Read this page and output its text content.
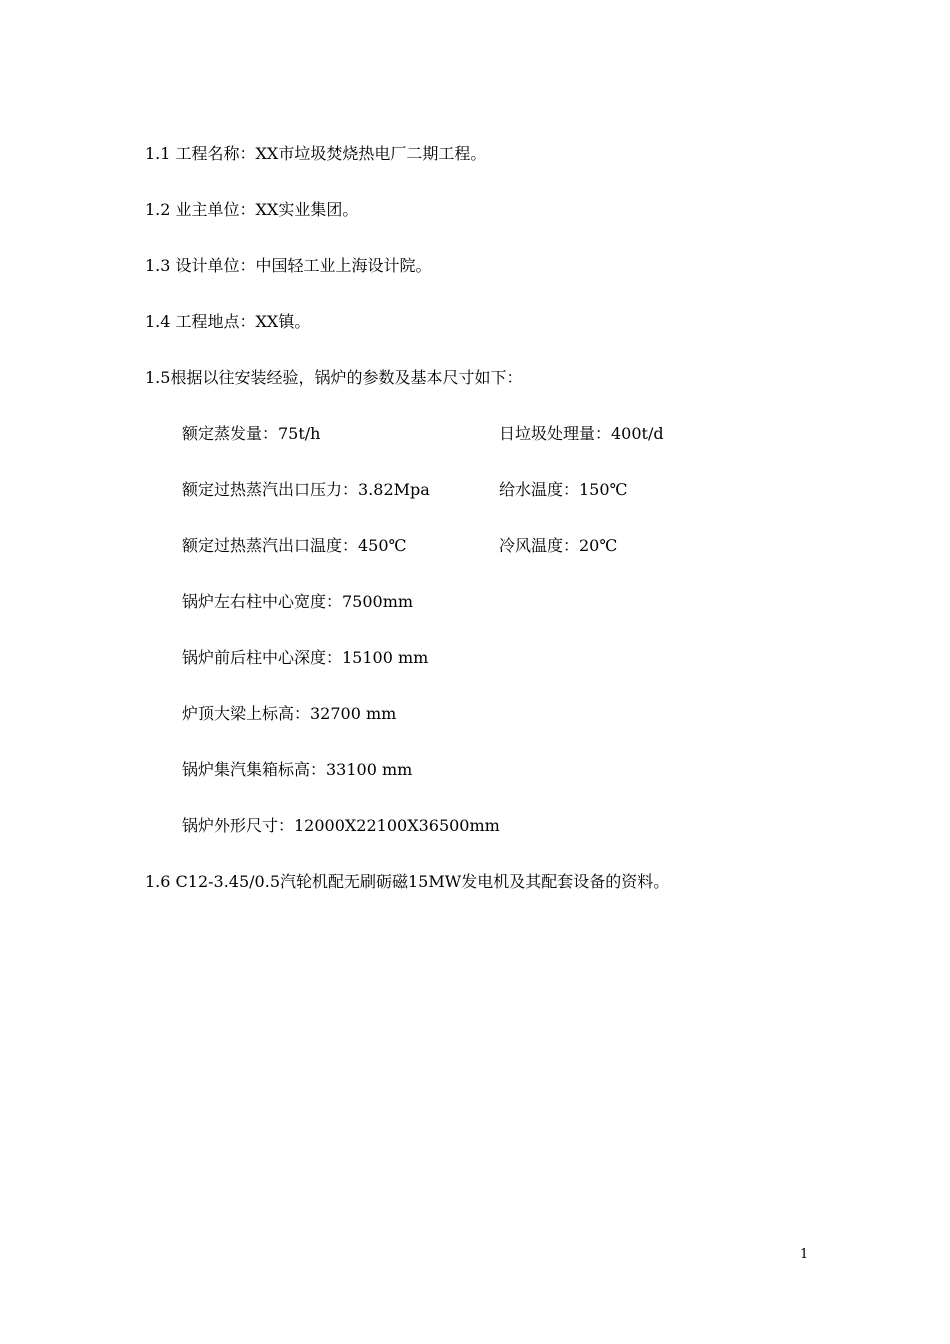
1.1 工程名称：XX市垃圾焚烧热电厂二期工程。
1.2 业主单位：XX实业集团。
1.3 设计单位：中国轻工业上海设计院。
1.4 工程地点：XX镇。
1.5根据以往安装经验，锅炉的参数及基本尺寸如下：
额定蒸发量：75t/h	日垃圾处理量：400t/d
额定过热蒸汽出口压力：3.82Mpa	给水温度：150℃
额定过热蒸汽出口温度：450℃	冷风温度：20℃
锅炉左右柱中心宽度：7500mm
锅炉前后柱中心深度：15100 mm
炉顶大梁上标高：32700 mm
锅炉集汽集箱标高：33100 mm
锅炉外形尺寸：12000X22100X36500mm
1.6 C12-3.45/0.5汽轮机配无刷砺磁15MW发电机及其配套设备的资料。
1
